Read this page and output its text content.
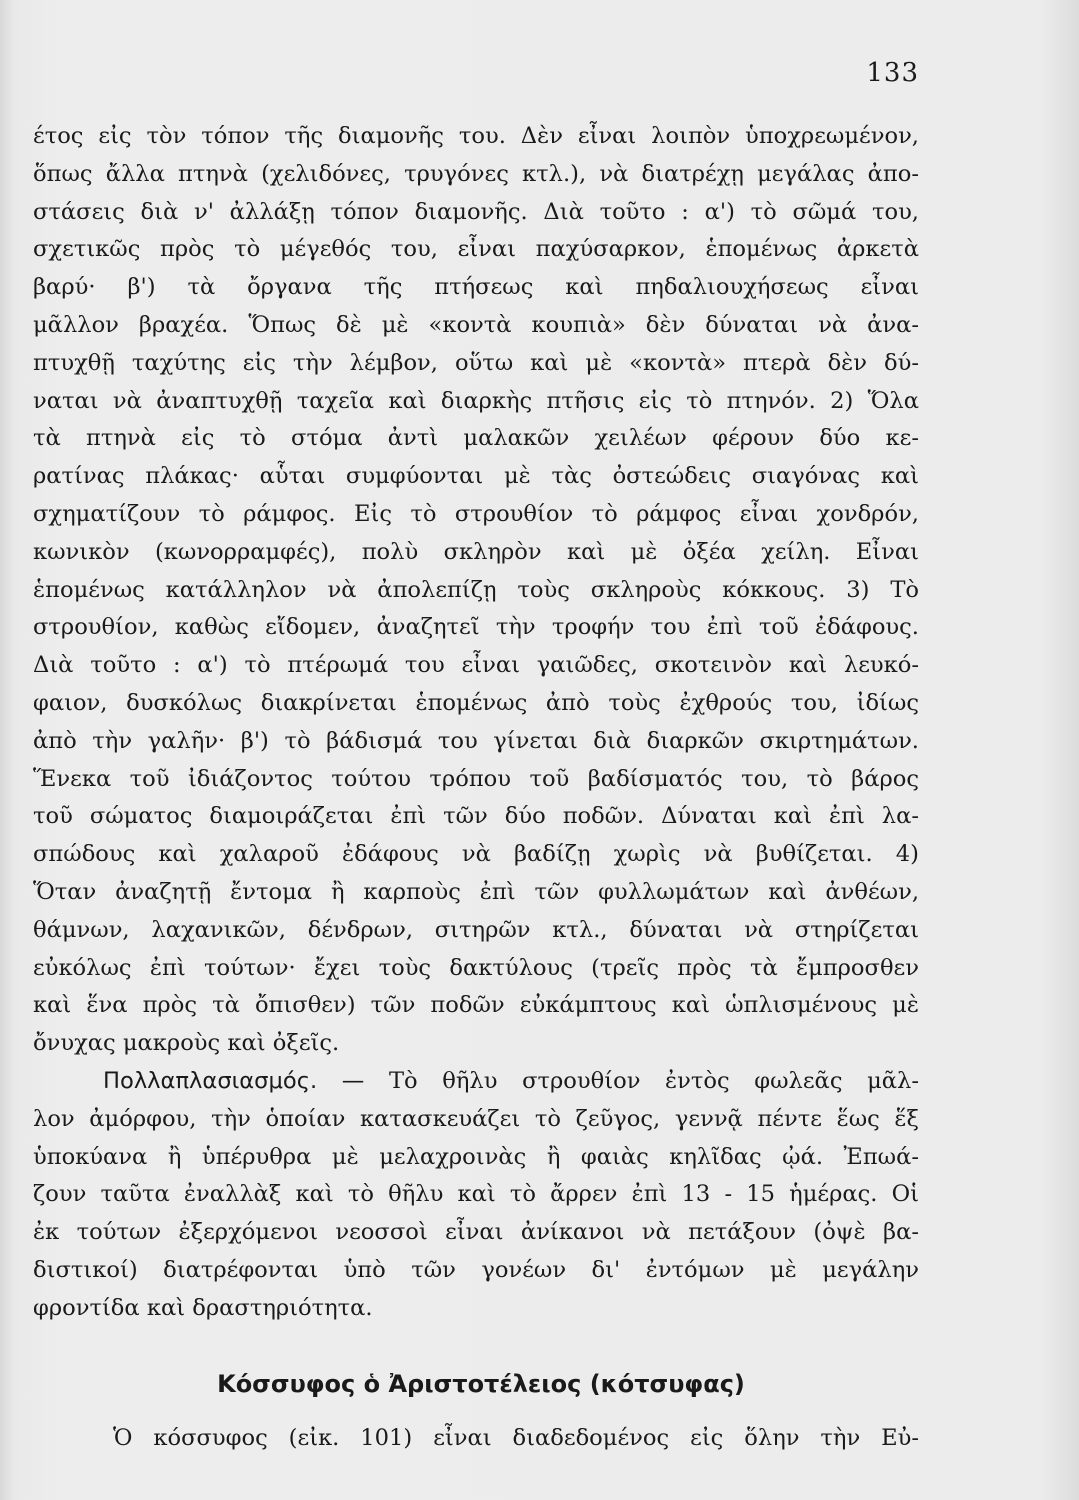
133
έτος εἰς τὸν τόπον τῆς διαμονῆς του. Δὲν εἶναι λοιπὸν ὑποχρεωμένον,
ὅπως ἄλλα πτηνὰ (χελιδόνες, τρυγόνες κτλ.), νὰ διατρέχῃ μεγάλας ἀπο-
στάσεις διὰ ν' ἀλλάξῃ τόπον διαμονῆς. Διὰ τοῦτο : α') τὸ σῶμά του,
σχετικῶς πρὸς τὸ μέγεθός του, εἶναι παχύσαρκον, ἑπομένως ἀρκετὰ
βαρύ· β') τὰ ὄργανα τῆς πτήσεως καὶ πηδαλιουχήσεως εἶναι
μᾶλλον βραχέα. Ὅπως δὲ μὲ «κοντὰ κουπιὰ» δὲν δύναται νὰ ἀνα-
πτυχθῇ ταχύτης εἰς τὴν λέμβον, οὕτω καὶ μὲ «κοντὰ» πτερὰ δὲν δύ-
ναται νὰ ἀναπτυχθῇ ταχεῖα καὶ διαρκὴς πτῆσις εἰς τὸ πτηνόν. 2) Ὅλα
τὰ πτηνὰ εἰς τὸ στόμα ἀντὶ μαλακῶν χειλέων φέρουν δύο κε-
ρατίνας πλάκας· αὗται συμφύονται μὲ τὰς ὀστεώδεις σιαγόνας καὶ
σχηματίζουν τὸ ράμφος. Εἰς τὸ στρουθίον τὸ ράμφος εἶναι χονδρόν,
κωνικὸν (κωνορραμφές), πολὺ σκληρὸν καὶ μὲ ὀξέα χείλη. Εἶναι
ἑπομένως κατάλληλον νὰ ἀπολεπίζῃ τοὺς σκληροὺς κόκκους. 3) Τὸ
στρουθίον, καθὼς εἴδομεν, ἀναζητεῖ τὴν τροφήν του ἐπὶ τοῦ ἐδάφους.
Διὰ τοῦτο : α') τὸ πτέρωμά του εἶναι γαιῶδες, σκοτεινὸν καὶ λευκό-
φαιον, δυσκόλως διακρίνεται ἑπομένως ἀπὸ τοὺς ἐχθρούς του, ἰδίως
ἀπὸ τὴν γαλῆν· β') τὸ βάδισμά του γίνεται διὰ διαρκῶν σκιρτημάτων.
Ἕνεκα τοῦ ἰδιάζοντος τούτου τρόπου τοῦ βαδίσματός του, τὸ βάρος
τοῦ σώματος διαμοιράζεται ἐπὶ τῶν δύο ποδῶν. Δύναται καὶ ἐπὶ λα-
σπώδους καὶ χαλαροῦ ἐδάφους νὰ βαδίζῃ χωρὶς νὰ βυθίζεται. 4)
Ὅταν ἀναζητῇ ἔντομα ἢ καρποὺς ἐπὶ τῶν φυλλωμάτων καὶ ἀνθέων,
θάμνων, λαχανικῶν, δένδρων, σιτηρῶν κτλ., δύναται νὰ στηρίζεται
εὐκόλως ἐπὶ τούτων· ἔχει τοὺς δακτύλους (τρεῖς πρὸς τὰ ἔμπροσθεν
καὶ ἕνα πρὸς τὰ ὄπισθεν) τῶν ποδῶν εὐκάμπτους καὶ ὡπλισμένους μὲ
ὄνυχας μακροὺς καὶ ὀξεῖς.
Πολλαπλασιασμός. — Τὸ θῆλυ στρουθίον ἐντὸς φωλεᾶς μᾶλ-
λον ἀμόρφου, τὴν ὁποίαν κατασκευάζει τὸ ζεῦγος, γεννᾷ πέντε ἕως ἕξ
ὑποκύανα ἢ ὑπέρυθρα μὲ μελαχροινὰς ἢ φαιὰς κηλῖδας ᾠά. Ἐπωά-
ζουν ταῦτα ἐναλλὰξ καὶ τὸ θῆλυ καὶ τὸ ἄρρεν ἐπὶ 13 - 15 ἡμέρας. Οἱ
ἐκ τούτων ἐξερχόμενοι νεοσσοὶ εἶναι ἀνίκανοι νὰ πετάξουν (ὀψὲ βα-
διστικοί) διατρέφονται ὑπὸ τῶν γονέων δι' ἐντόμων μὲ μεγάλην
φροντίδα καὶ δραστηριότητα.
Κόσσυφος ὁ Ἀριστοτέλειος (κότσυφας)
Ὁ κόσσυφος (εἰκ. 101) εἶναι διαδεδομένος εἰς ὅλην τὴν Εὐ-
